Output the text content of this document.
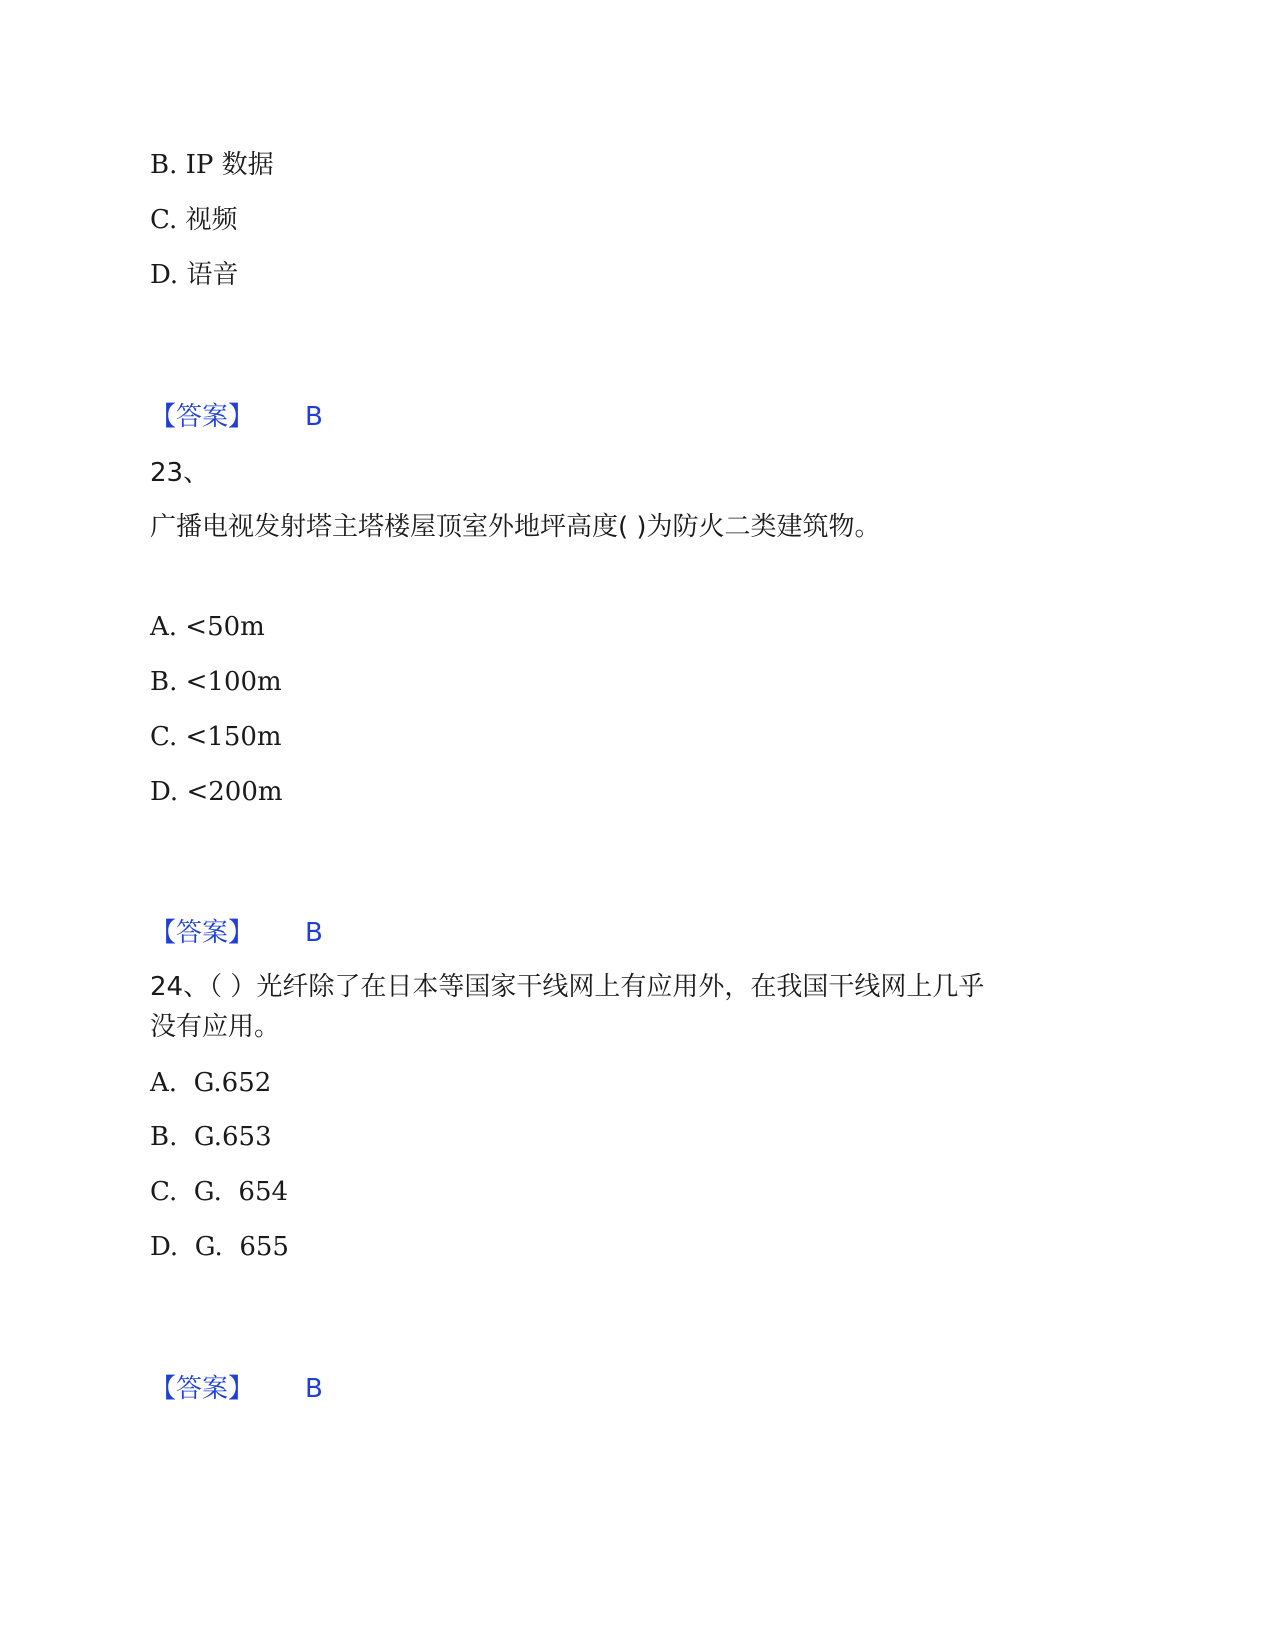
B. IP 数据
C. 视频
D. 语音
【答案】 B
23、
广播电视发射塔主塔楼屋顶室外地坪高度( )为防火二类建筑物。
A. <50m
B. <100m
C. <150m
D. <200m
【答案】 B
24、（ ）光纤除了在日本等国家干线网上有应用外，在我国干线网上几乎
没有应用。
A.  G.652
B.  G.653
C.  G.  654
D.  G.  655
【答案】 B
